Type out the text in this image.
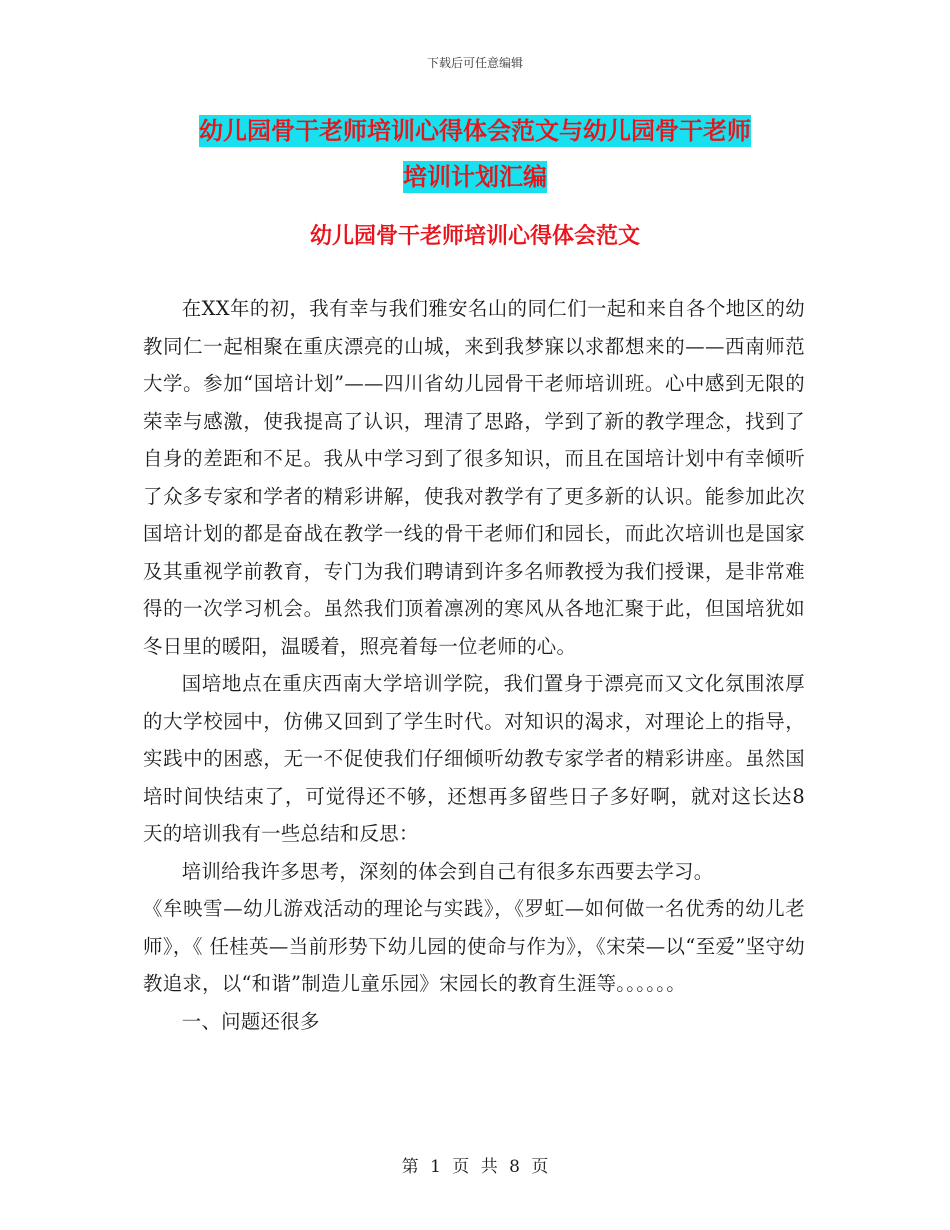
下载后可任意编辑
幼儿园骨干老师培训心得体会范文与幼儿园骨干老师
培训计划汇编
幼儿园骨干老师培训心得体会范文

在XX年的初，我有幸与我们雅安名山的同仁们一起和来自各个地区的幼教同仁一起相聚在重庆漂亮的山城，来到我梦寐以求都想来的——西南师范大学。参加“国培计划”——四川省幼儿园骨干老师培训班。心中感到无限的荣幸与感激，使我提高了认识，理清了思路，学到了新的教学理念，找到了自身的差距和不足。我从中学习到了很多知识，而且在国培计划中有幸倾听了众多专家和学者的精彩讲解，使我对教学有了更多新的认识。能参加此次国培计划的都是奋战在教学一线的骨干老师们和园长，而此次培训也是国家及其重视学前教育，专门为我们聘请到许多名师教授为我们授课，是非常难得的一次学习机会。虽然我们顶着凛冽的寒风从各地汇聚于此，但国培犹如冬日里的暖阳，温暖着，照亮着每一位老师的心。

国培地点在重庆西南大学培训学院，我们置身于漂亮而又文化氛围浓厚的大学校园中，仿佛又回到了学生时代。对知识的渴求，对理论上的指导，实践中的困惑，无一不促使我们仔细倾听幼教专家学者的精彩讲座。虽然国培时间快结束了，可觉得还不够，还想再多留些日子多好啊，就对这长达8天的培训我有一些总结和反思：

培训给我许多思考，深刻的体会到自己有很多东西要去学习。

《牟映雪—幼儿游戏活动的理论与实践》，《罗虹—如何做一名优秀的幼儿老师》，《 任桂英—当前形势下幼儿园的使命与作为》，《宋荣—以“至爱”坚守幼教追求，以“和谐”制造儿童乐园》宋园长的教育生涯等。。。。。。

一、问题还很多

第 1 页 共 8 页
